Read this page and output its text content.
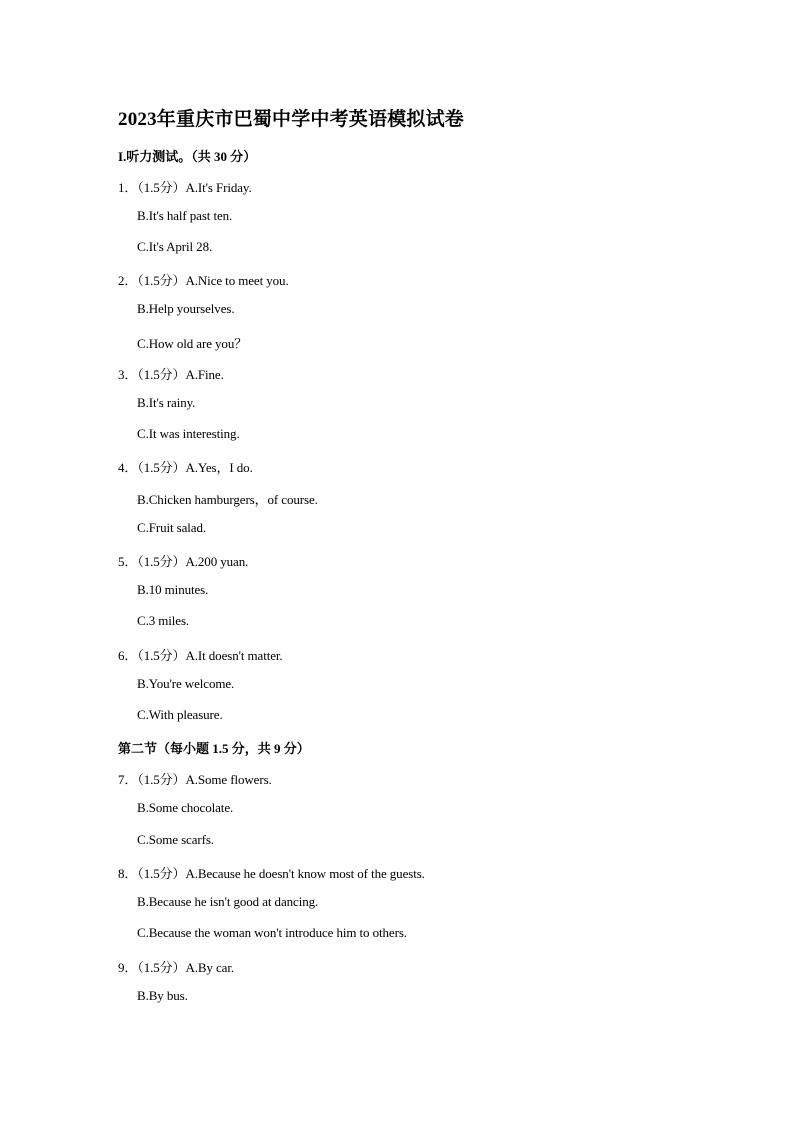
2023年重庆市巴蜀中学中考英语模拟试卷
I.听力测试。（共 30 分）
1．（1.5分）A.It's Friday.
B.It's half past ten.
C.It's April 28.
2．（1.5分）A.Nice to meet you.
B.Help yourselves.
C.How old are you？
3．（1.5分）A.Fine.
B.It's rainy.
C.It was interesting.
4．（1.5分）A.Yes，I do.
B.Chicken hamburgers，of course.
C.Fruit salad.
5．（1.5分）A.200 yuan.
B.10 minutes.
C.3 miles.
6．（1.5分）A.It doesn't matter.
B.You're welcome.
C.With pleasure.
第二节（每小题 1.5 分，共 9 分）
7．（1.5分）A.Some flowers.
B.Some chocolate.
C.Some scarfs.
8．（1.5分）A.Because he doesn't know most of the guests.
B.Because he isn't good at dancing.
C.Because the woman won't introduce him to others.
9．（1.5分）A.By car.
B.By bus.
